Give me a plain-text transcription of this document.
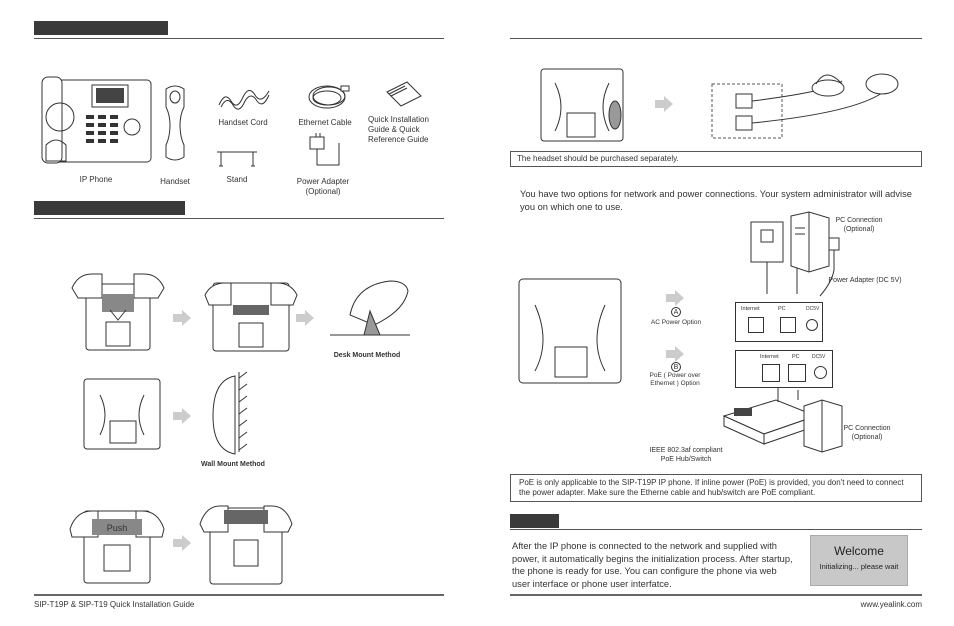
IP Phone	Handset
Handset Cord	Ethernet Cable	Quick Installation Guide & Quick Reference Guide
Stand	Power Adapter (Optional)
Desk Mount Method
Wall Mount Method
Push
SIP-T19P & SIP-T19 Quick Installation Guide
The headset should be purchased separately.
You have two options for network and power connections. Your system administrator will advise you on which one to use.
A
AC Power Option
B
PoE ( Power over Ethernet ) Option
PC Connection (Optional)
Power Adapter (DC 5V)
Internet	PC	DC5V
Internet PC DC5V
PC Connection (Optional)
IEEE 802.3af compliant PoE Hub/Switch
PoE is only applicable to the SIP-T19P IP phone. If inline power (PoE) is provided, you don't need to connect the power adapter. Make sure the Etherne cable and hub/switch are PoE compliant.
After the IP phone is connected to the network and supplied with power, it automatically begins the initialization process. After startup, the phone is ready for use. You can configure the phone via web user interface or phone user interfatce.
Welcome
Initializing... please wait
www.yealink.com
